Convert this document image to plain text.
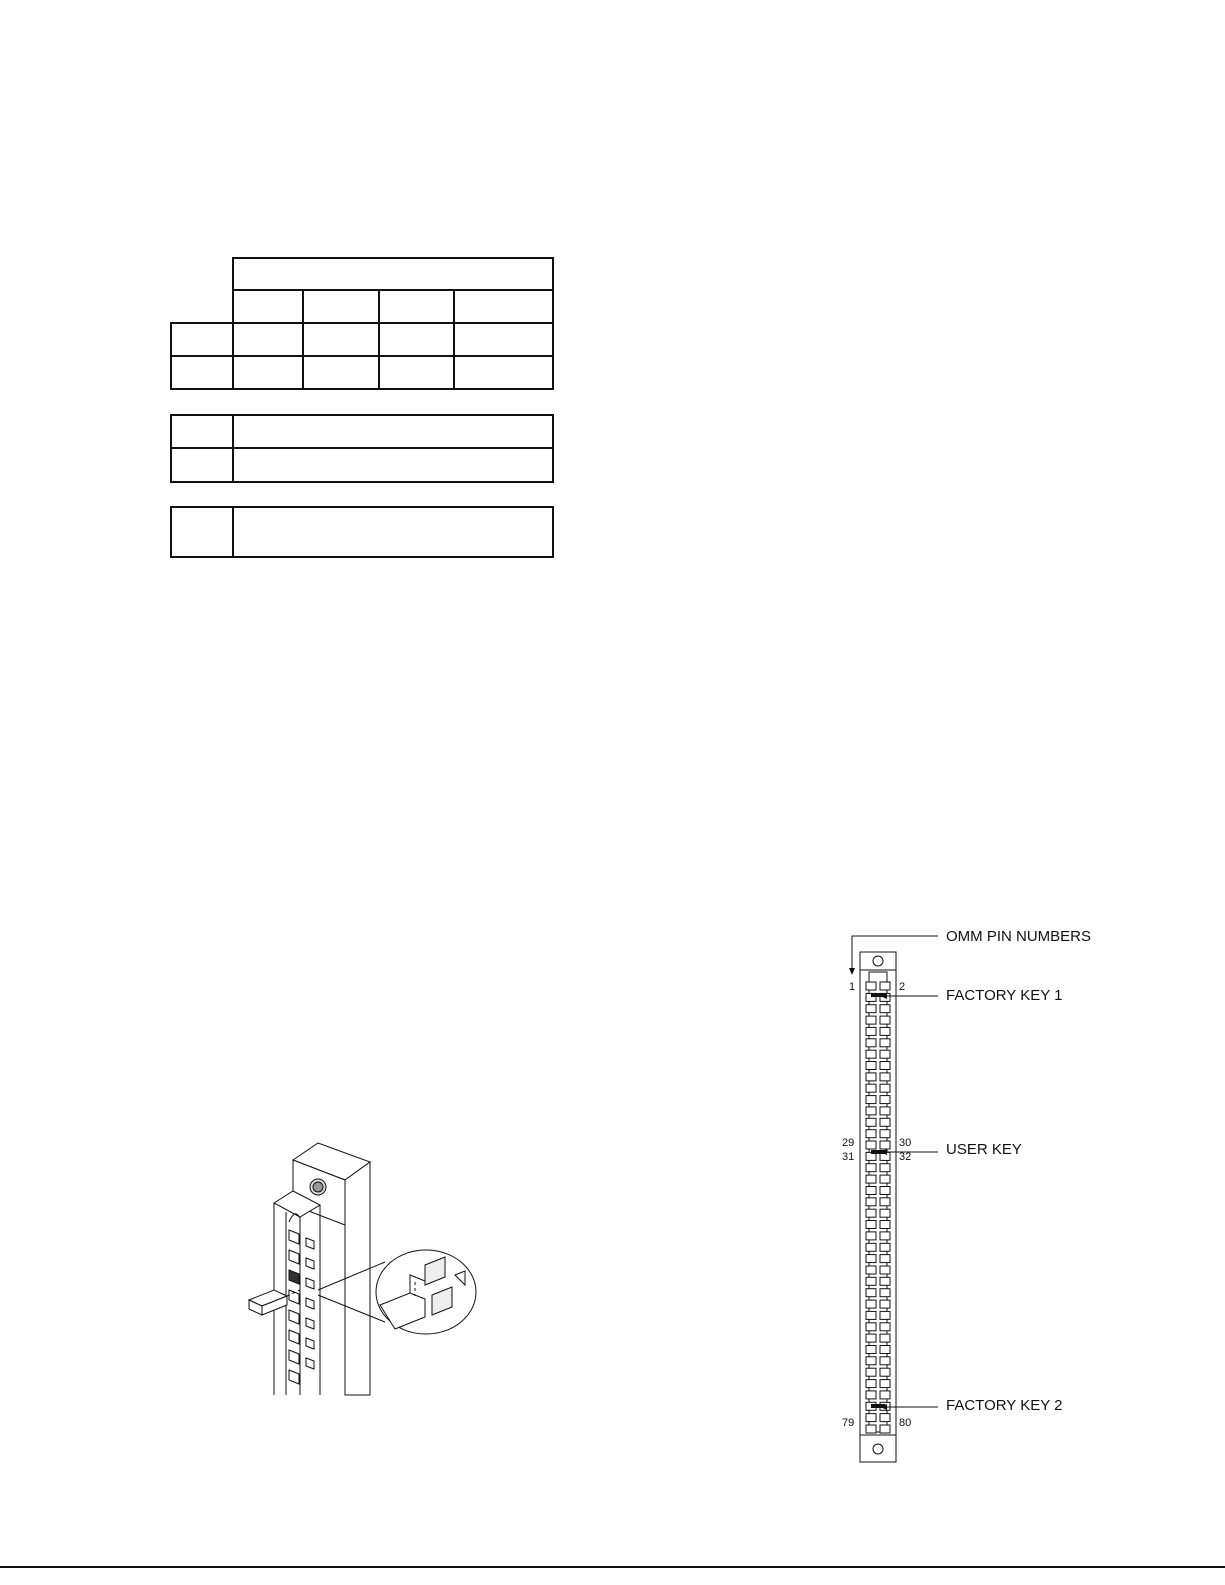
1	2
29	30
31	32
79	80
OMM PIN NUMBERS
FACTORY KEY 1
USER KEY
FACTORY KEY 2
